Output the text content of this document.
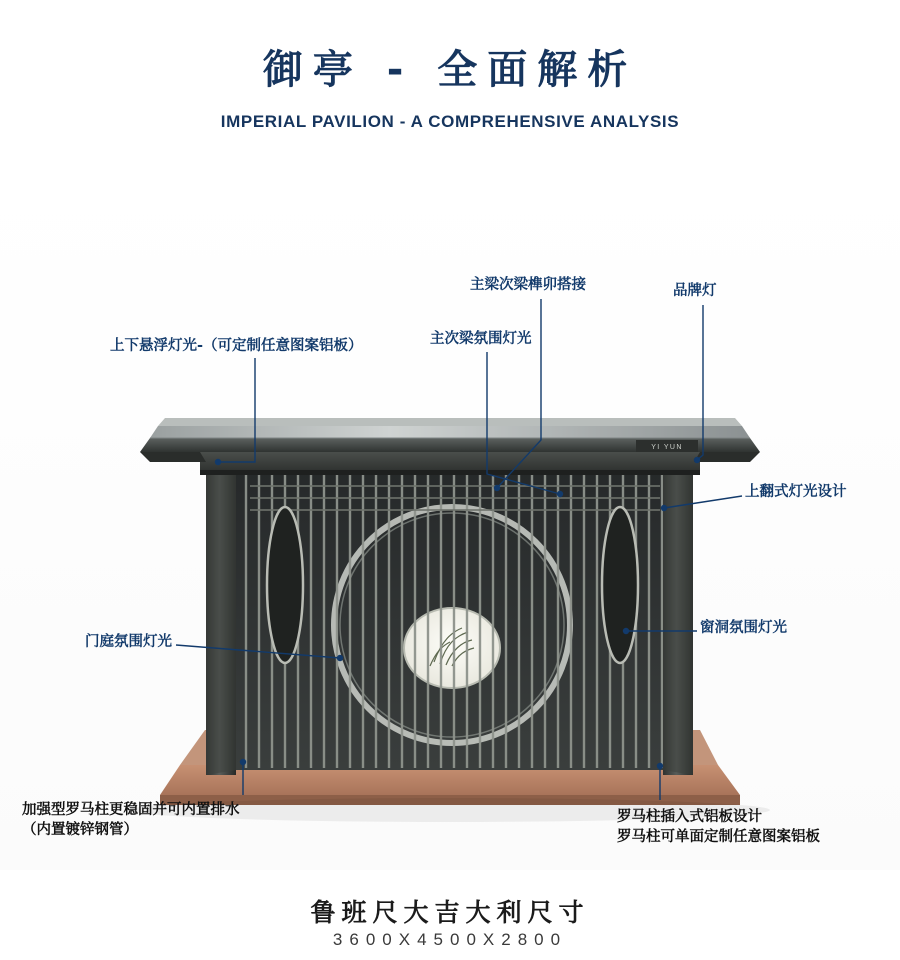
御亭 - 全面解析
IMPERIAL PAVILION - A COMPREHENSIVE ANALYSIS
YI YUN
主梁次梁榫卯搭接	品牌灯
上下悬浮灯光-（可定制任意图案铝板）	主次梁氛围灯光
上翻式灯光设计
窗洞氛围灯光
门庭氛围灯光
加强型罗马柱更稳固并可内置排水
（内置镀锌钢管）
罗马柱插入式铝板设计
罗马柱可单面定制任意图案铝板
鲁班尺大吉大利尺寸
3600X4500X2800
